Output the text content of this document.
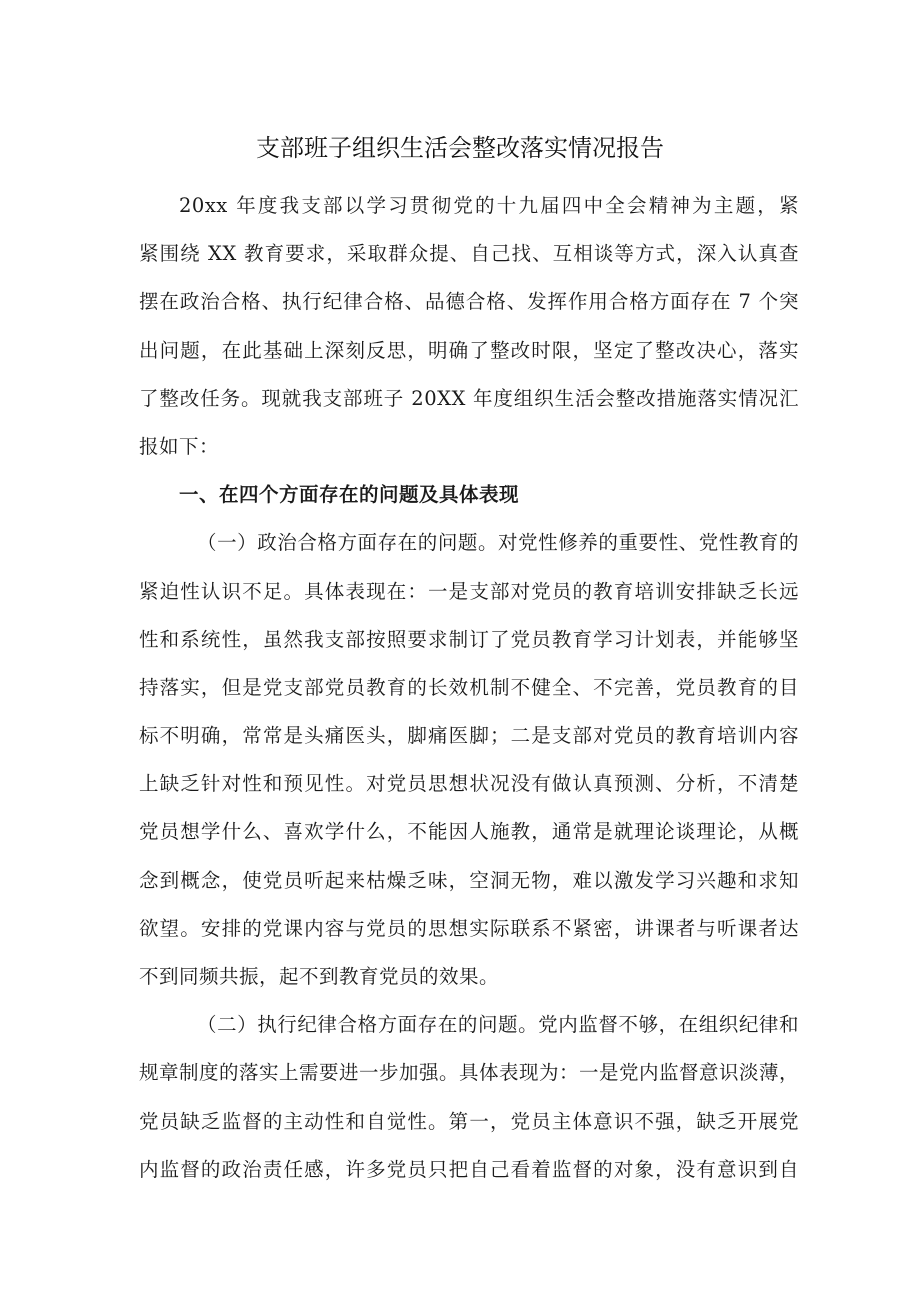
支部班子组织生活会整改落实情况报告
20xx 年度我支部以学习贯彻党的十九届四中全会精神为主题，紧
紧围绕 XX 教育要求，采取群众提、自己找、互相谈等方式，深入认真查
摆在政治合格、执行纪律合格、品德合格、发挥作用合格方面存在 7 个突
出问题，在此基础上深刻反思，明确了整改时限，坚定了整改决心，落实
了整改任务。现就我支部班子 20XX 年度组织生活会整改措施落实情况汇
报如下：
一、在四个方面存在的问题及具体表现
（一）政治合格方面存在的问题。对党性修养的重要性、党性教育的
紧迫性认识不足。具体表现在：一是支部对党员的教育培训安排缺乏长远
性和系统性，虽然我支部按照要求制订了党员教育学习计划表，并能够坚
持落实，但是党支部党员教育的长效机制不健全、不完善，党员教育的目
标不明确，常常是头痛医头，脚痛医脚；二是支部对党员的教育培训内容
上缺乏针对性和预见性。对党员思想状况没有做认真预测、分析，不清楚
党员想学什么、喜欢学什么，不能因人施教，通常是就理论谈理论，从概
念到概念，使党员听起来枯燥乏味，空洞无物，难以激发学习兴趣和求知
欲望。安排的党课内容与党员的思想实际联系不紧密，讲课者与听课者达
不到同频共振，起不到教育党员的效果。
（二）执行纪律合格方面存在的问题。党内监督不够，在组织纪律和
规章制度的落实上需要进一步加强。具体表现为：一是党内监督意识淡薄，
党员缺乏监督的主动性和自觉性。第一，党员主体意识不强，缺乏开展党
内监督的政治责任感，许多党员只把自己看着监督的对象，没有意识到自
